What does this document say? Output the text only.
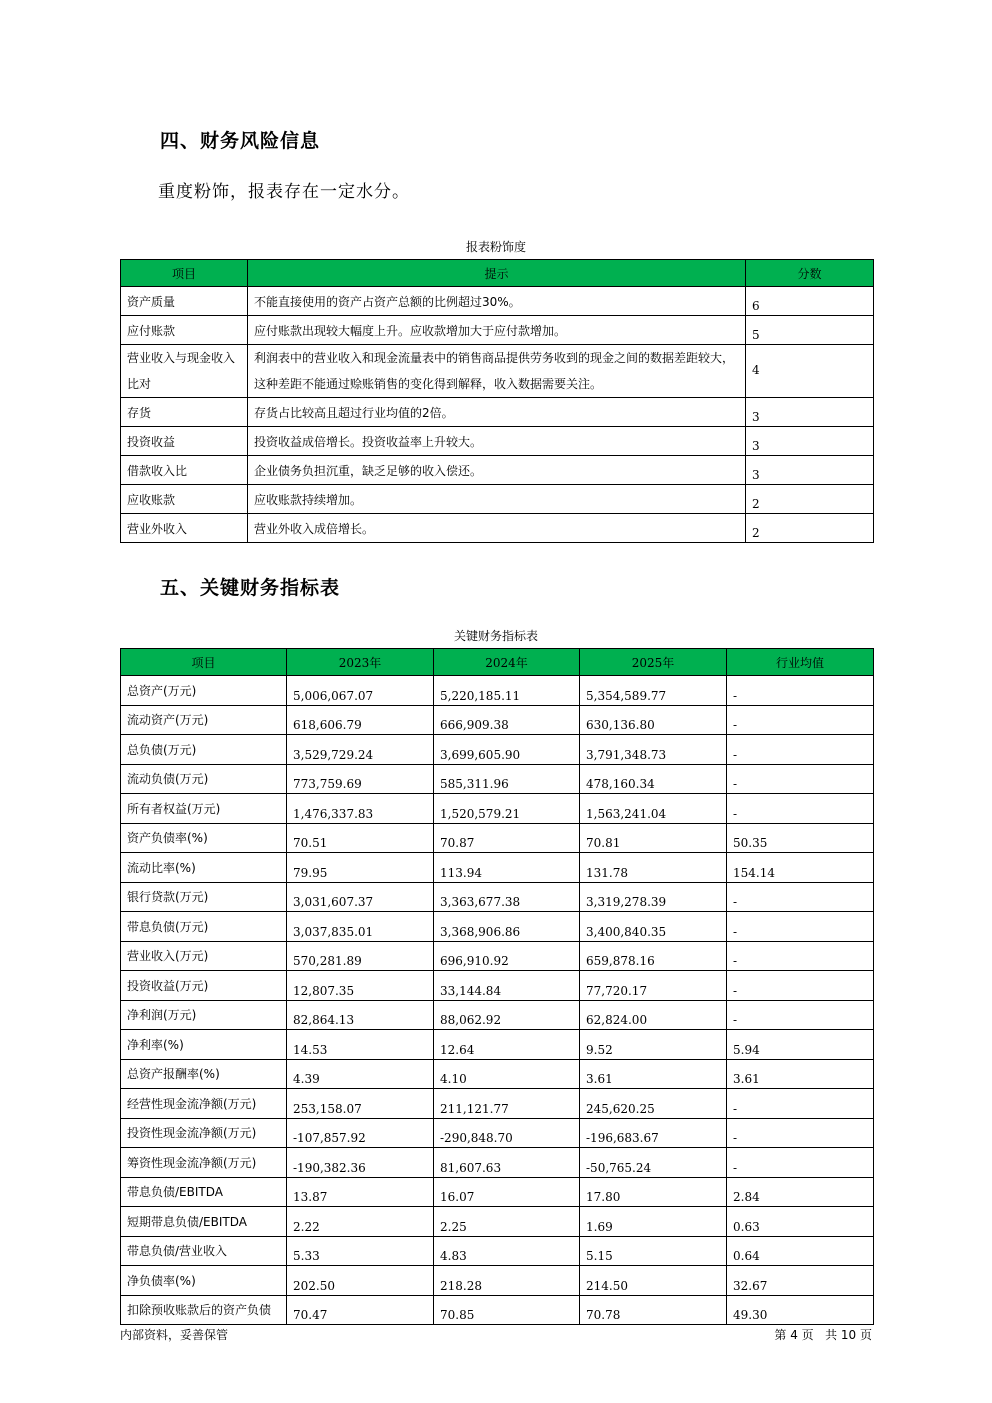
四、财务风险信息
重度粉饰，报表存在一定水分。
报表粉饰度
项目	提示	分数
资产质量	不能直接使用的资产占资产总额的比例超过30%。	6
应付账款	应付账款出现较大幅度上升。应收款增加大于应付款增加。	5
营业收入与现金收入比对	利润表中的营业收入和现金流量表中的销售商品提供劳务收到的现金之间的数据差距较大，这种差距不能通过赊账销售的变化得到解释，收入数据需要关注。	4
存货	存货占比较高且超过行业均值的2倍。	3
投资收益	投资收益成倍增长。投资收益率上升较大。	3
借款收入比	企业债务负担沉重，缺乏足够的收入偿还。	3
应收账款	应收账款持续增加。	2
营业外收入	营业外收入成倍增长。	2
五、关键财务指标表
关键财务指标表
项目	2023年	2024年	2025年	行业均值
总资产(万元)	5,006,067.07	5,220,185.11	5,354,589.77	-
流动资产(万元)	618,606.79	666,909.38	630,136.80	-
总负债(万元)	3,529,729.24	3,699,605.90	3,791,348.73	-
流动负债(万元)	773,759.69	585,311.96	478,160.34	-
所有者权益(万元)	1,476,337.83	1,520,579.21	1,563,241.04	-
资产负债率(%)	70.51	70.87	70.81	50.35
流动比率(%)	79.95	113.94	131.78	154.14
银行贷款(万元)	3,031,607.37	3,363,677.38	3,319,278.39	-
带息负债(万元)	3,037,835.01	3,368,906.86	3,400,840.35	-
营业收入(万元)	570,281.89	696,910.92	659,878.16	-
投资收益(万元)	12,807.35	33,144.84	77,720.17	-
净利润(万元)	82,864.13	88,062.92	62,824.00	-
净利率(%)	14.53	12.64	9.52	5.94
总资产报酬率(%)	4.39	4.10	3.61	3.61
经营性现金流净额(万元)	253,158.07	211,121.77	245,620.25	-
投资性现金流净额(万元)	-107,857.92	-290,848.70	-196,683.67	-
筹资性现金流净额(万元)	-190,382.36	81,607.63	-50,765.24	-
带息负债/EBITDA	13.87	16.07	17.80	2.84
短期带息负债/EBITDA	2.22	2.25	1.69	0.63
带息负债/营业收入	5.33	4.83	5.15	0.64
净负债率(%)	202.50	218.28	214.50	32.67
扣除预收账款后的资产负债	70.47	70.85	70.78	49.30
内部资料，妥善保管	第 4 页   共 10 页
